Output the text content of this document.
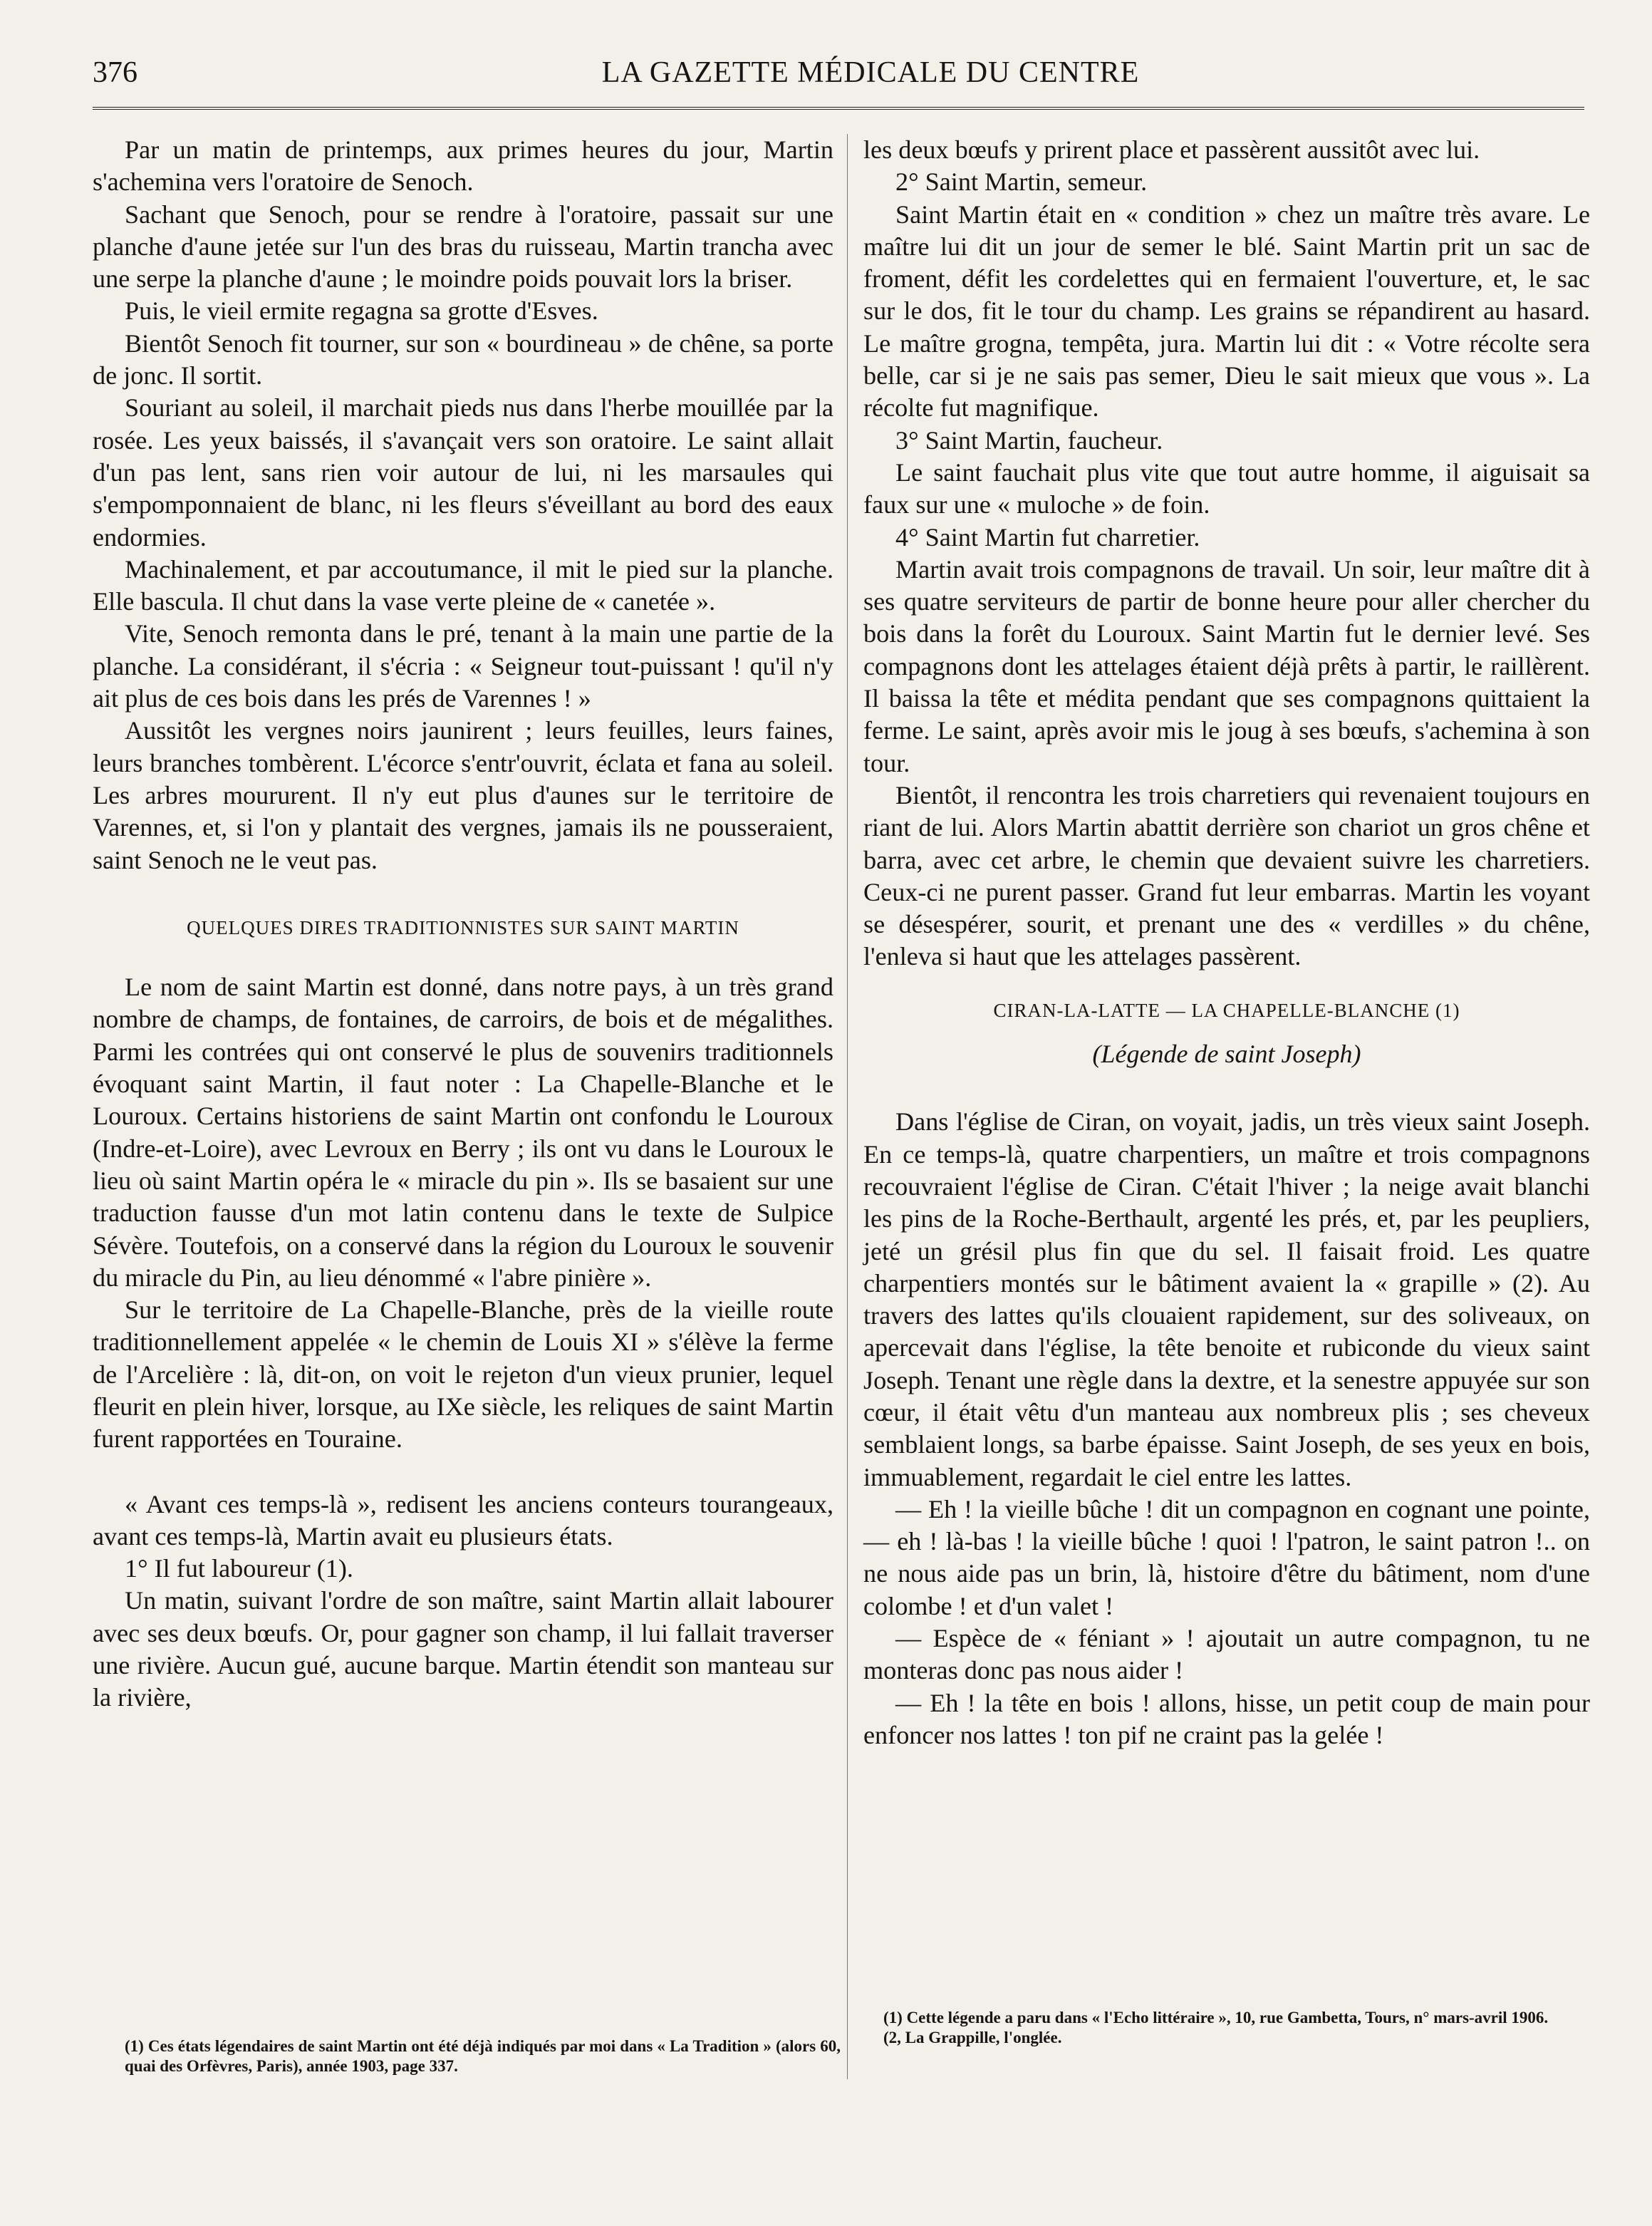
376	LA GAZETTE MÉDICALE DU CENTRE

Par un matin de printemps, aux primes heures du jour, Martin s'achemina vers l'oratoire de Senoch.

Sachant que Senoch, pour se rendre à l'oratoire, passait sur une planche d'aune jetée sur l'un des bras du ruisseau, Martin trancha avec une serpe la planche d'aune ; le moindre poids pouvait lors la briser.

Puis, le vieil ermite regagna sa grotte d'Esves.

Bientôt Senoch fit tourner, sur son « bourdineau » de chêne, sa porte de jonc. Il sortit.

Souriant au soleil, il marchait pieds nus dans l'herbe mouillée par la rosée. Les yeux baissés, il s'avançait vers son oratoire. Le saint allait d'un pas lent, sans rien voir autour de lui, ni les marsaules qui s'empomponnaient de blanc, ni les fleurs s'éveillant au bord des eaux endormies.

Machinalement, et par accoutumance, il mit le pied sur la planche. Elle bascula. Il chut dans la vase verte pleine de « canetée ».

Vite, Senoch remonta dans le pré, tenant à la main une partie de la planche. La considérant, il s'écria : « Seigneur tout-puissant ! qu'il n'y ait plus de ces bois dans les prés de Varennes ! »

Aussitôt les vergnes noirs jaunirent ; leurs feuilles, leurs faines, leurs branches tombèrent. L'écorce s'entr'ouvrit, éclata et fana au soleil. Les arbres moururent. Il n'y eut plus d'aunes sur le territoire de Varennes, et, si l'on y plantait des vergnes, jamais ils ne pousseraient, saint Senoch ne le veut pas.

QUELQUES DIRES TRADITIONNISTES SUR SAINT MARTIN

Le nom de saint Martin est donné, dans notre pays, à un très grand nombre de champs, de fontaines, de carroirs, de bois et de mégalithes. Parmi les contrées qui ont conservé le plus de souvenirs traditionnels évoquant saint Martin, il faut noter : La Chapelle-Blanche et le Louroux. Certains historiens de saint Martin ont confondu le Louroux (Indre-et-Loire), avec Levroux en Berry ; ils ont vu dans le Louroux le lieu où saint Martin opéra le « miracle du pin ». Ils se basaient sur une traduction fausse d'un mot latin contenu dans le texte de Sulpice Sévère. Toutefois, on a conservé dans la région du Louroux le souvenir du miracle du Pin, au lieu dénommé « l'abre pinière ».

Sur le territoire de La Chapelle-Blanche, près de la vieille route traditionnellement appelée « le chemin de Louis XI » s'élève la ferme de l'Arcelière : là, dit-on, on voit le rejeton d'un vieux prunier, lequel fleurit en plein hiver, lorsque, au IXe siècle, les reliques de saint Martin furent rapportées en Touraine.

« Avant ces temps-là », redisent les anciens conteurs tourangeaux, avant ces temps-là, Martin avait eu plusieurs états.

1° Il fut laboureur (1).

Un matin, suivant l'ordre de son maître, saint Martin allait labourer avec ses deux bœufs. Or, pour gagner son champ, il lui fallait traverser une rivière. Aucun gué, aucune barque. Martin étendit son manteau sur la rivière,

(1) Ces états légendaires de saint Martin ont été déjà indiqués par moi dans « La Tradition » (alors 60, quai des Orfèvres, Paris), année 1903, page 337.

les deux bœufs y prirent place et passèrent aussitôt avec lui.

2° Saint Martin, semeur.

Saint Martin était en « condition » chez un maître très avare. Le maître lui dit un jour de semer le blé. Saint Martin prit un sac de froment, défit les cordelettes qui en fermaient l'ouverture, et, le sac sur le dos, fit le tour du champ. Les grains se répandirent au hasard. Le maître grogna, tempêta, jura. Martin lui dit : « Votre récolte sera belle, car si je ne sais pas semer, Dieu le sait mieux que vous ». La récolte fut magnifique.

3° Saint Martin, faucheur.

Le saint fauchait plus vite que tout autre homme, il aiguisait sa faux sur une « muloche » de foin.

4° Saint Martin fut charretier.

Martin avait trois compagnons de travail. Un soir, leur maître dit à ses quatre serviteurs de partir de bonne heure pour aller chercher du bois dans la forêt du Louroux. Saint Martin fut le dernier levé. Ses compagnons dont les attelages étaient déjà prêts à partir, le raillèrent. Il baissa la tête et médita pendant que ses compagnons quittaient la ferme. Le saint, après avoir mis le joug à ses bœufs, s'achemina à son tour.

Bientôt, il rencontra les trois charretiers qui revenaient toujours en riant de lui. Alors Martin abattit derrière son chariot un gros chêne et barra, avec cet arbre, le chemin que devaient suivre les charretiers. Ceux-ci ne purent passer. Grand fut leur embarras. Martin les voyant se désespérer, sourit, et prenant une des « verdilles » du chêne, l'enleva si haut que les attelages passèrent.

CIRAN-LA-LATTE — LA CHAPELLE-BLANCHE (1)
(Légende de saint Joseph)

Dans l'église de Ciran, on voyait, jadis, un très vieux saint Joseph. En ce temps-là, quatre charpentiers, un maître et trois compagnons recouvraient l'église de Ciran. C'était l'hiver ; la neige avait blanchi les pins de la Roche-Berthault, argenté les prés, et, par les peupliers, jeté un grésil plus fin que du sel. Il faisait froid. Les quatre charpentiers montés sur le bâtiment avaient la « grapille » (2). Au travers des lattes qu'ils clouaient rapidement, sur des soliveaux, on apercevait dans l'église, la tête benoite et rubiconde du vieux saint Joseph. Tenant une règle dans la dextre, et la senestre appuyée sur son cœur, il était vêtu d'un manteau aux nombreux plis ; ses cheveux semblaient longs, sa barbe épaisse. Saint Joseph, de ses yeux en bois, immuablement, regardait le ciel entre les lattes.

— Eh ! la vieille bûche ! dit un compagnon en cognant une pointe, — eh ! là-bas ! la vieille bûche ! quoi ! l'patron, le saint patron !.. on ne nous aide pas un brin, là, histoire d'être du bâtiment, nom d'une colombe ! et d'un valet !

— Espèce de « féniant » ! ajoutait un autre compagnon, tu ne monteras donc pas nous aider !

— Eh ! la tête en bois ! allons, hisse, un petit coup de main pour enfoncer nos lattes ! ton pif ne craint pas la gelée !

(1) Cette légende a paru dans « l'Echo littéraire », 10, rue Gambetta, Tours, n° mars-avril 1906.

(2, La Grappille, l'onglée.
